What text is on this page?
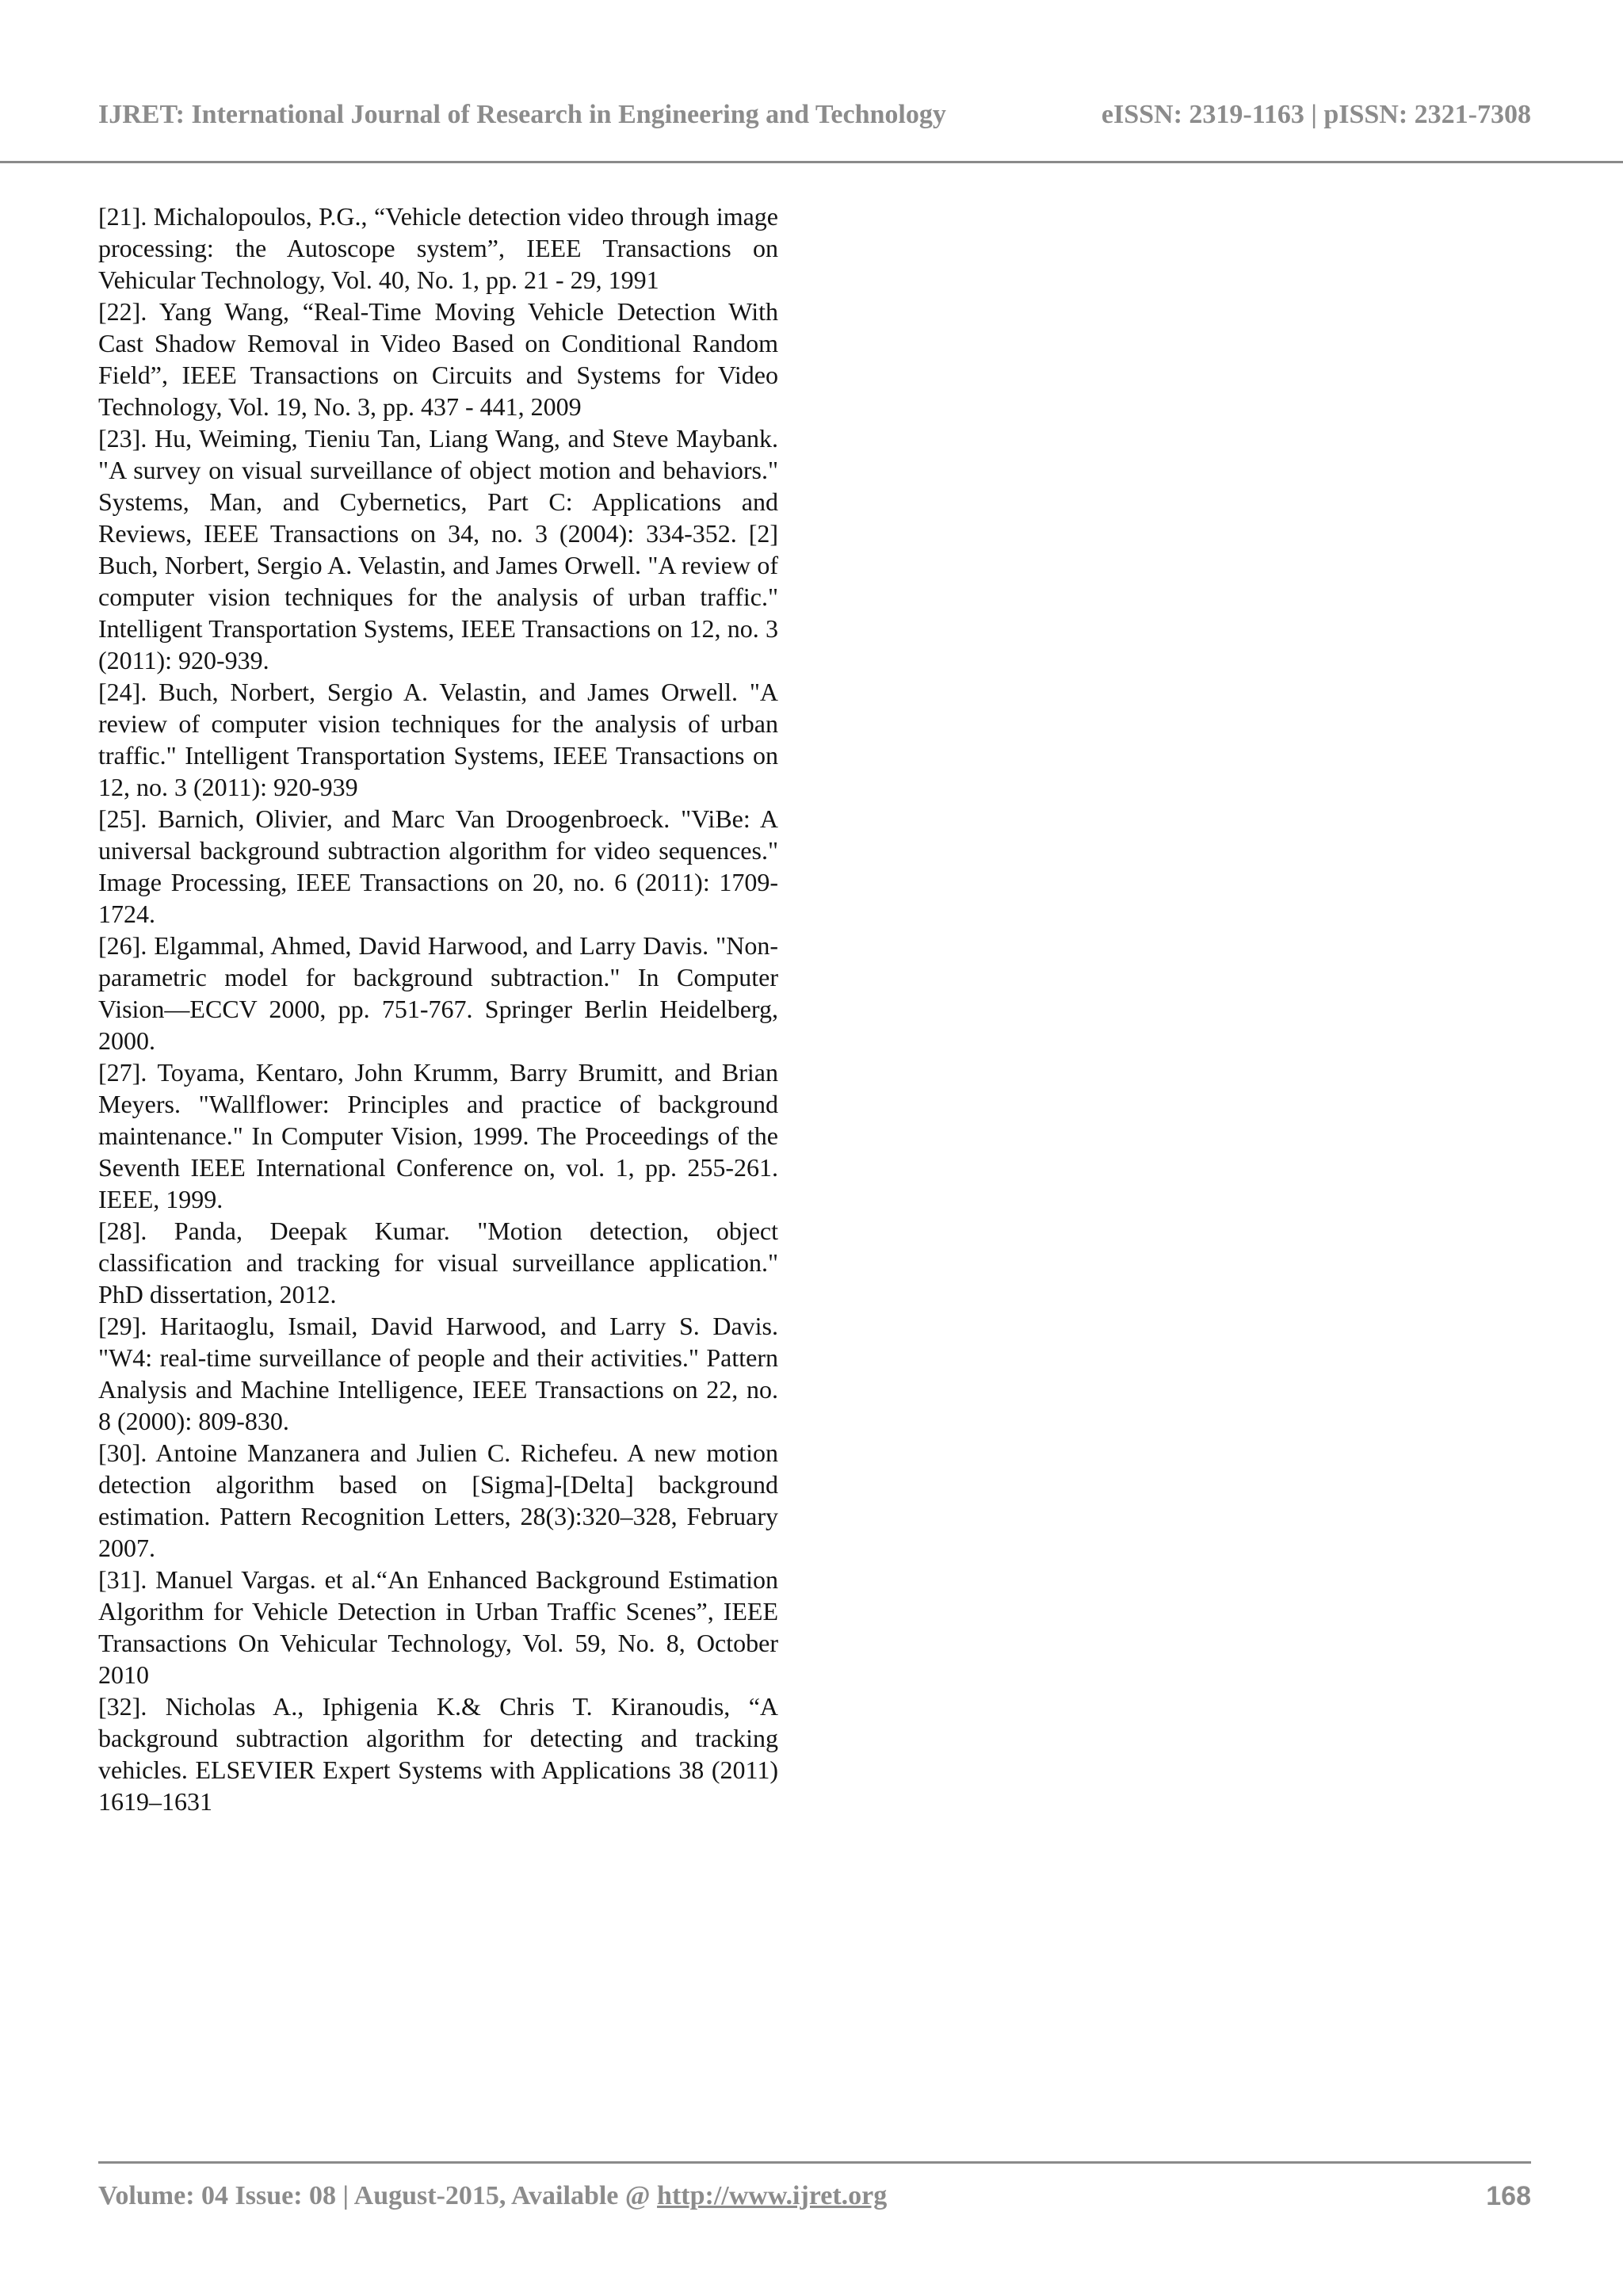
IJRET: International Journal of Research in Engineering and Technology	eISSN: 2319-1163 | pISSN: 2321-7308

[21]. Michalopoulos, P.G., “Vehicle detection video through image processing: the Autoscope system”, IEEE Transactions on Vehicular Technology, Vol. 40, No. 1, pp. 21 - 29, 1991

[22]. Yang Wang, “Real-Time Moving Vehicle Detection With Cast Shadow Removal in Video Based on Conditional Random Field”, IEEE Transactions on Circuits and Systems for Video Technology, Vol. 19, No. 3, pp. 437 - 441, 2009

[23]. Hu, Weiming, Tieniu Tan, Liang Wang, and Steve Maybank. "A survey on visual surveillance of object motion and behaviors." Systems, Man, and Cybernetics, Part C: Applications and Reviews, IEEE Transactions on 34, no. 3 (2004): 334-352. [2] Buch, Norbert, Sergio A. Velastin, and James Orwell. "A review of computer vision techniques for the analysis of urban traffic." Intelligent Transportation Systems, IEEE Transactions on 12, no. 3 (2011): 920-939.

[24]. Buch, Norbert, Sergio A. Velastin, and James Orwell. "A review of computer vision techniques for the analysis of urban traffic." Intelligent Transportation Systems, IEEE Transactions on 12, no. 3 (2011): 920-939

[25]. Barnich, Olivier, and Marc Van Droogenbroeck. "ViBe: A universal background subtraction algorithm for video sequences." Image Processing, IEEE Transactions on 20, no. 6 (2011): 1709-1724.

[26]. Elgammal, Ahmed, David Harwood, and Larry Davis. "Non-parametric model for background subtraction." In Computer Vision—ECCV 2000, pp. 751-767. Springer Berlin Heidelberg, 2000.

[27]. Toyama, Kentaro, John Krumm, Barry Brumitt, and Brian Meyers. "Wallflower: Principles and practice of background maintenance." In Computer Vision, 1999. The Proceedings of the Seventh IEEE International Conference on, vol. 1, pp. 255-261. IEEE, 1999.

[28]. Panda, Deepak Kumar. "Motion detection, object classification and tracking for visual surveillance application." PhD dissertation, 2012.

[29]. Haritaoglu, Ismail, David Harwood, and Larry S. Davis. "W4: real-time surveillance of people and their activities." Pattern Analysis and Machine Intelligence, IEEE Transactions on 22, no. 8 (2000): 809-830.

[30]. Antoine Manzanera and Julien C. Richefeu. A new motion detection algorithm based on [Sigma]-[Delta] background estimation. Pattern Recognition Letters, 28(3):320–328, February 2007.

[31]. Manuel Vargas. et al.“An Enhanced Background Estimation Algorithm for Vehicle Detection in Urban Traffic Scenes”, IEEE Transactions On Vehicular Technology, Vol. 59, No. 8, October 2010

[32]. Nicholas A., Iphigenia K.& Chris T. Kiranoudis, “A background subtraction algorithm for detecting and tracking vehicles. ELSEVIER Expert Systems with Applications 38 (2011) 1619–1631

Volume: 04 Issue: 08 | August-2015, Available @ http://www.ijret.org	168
